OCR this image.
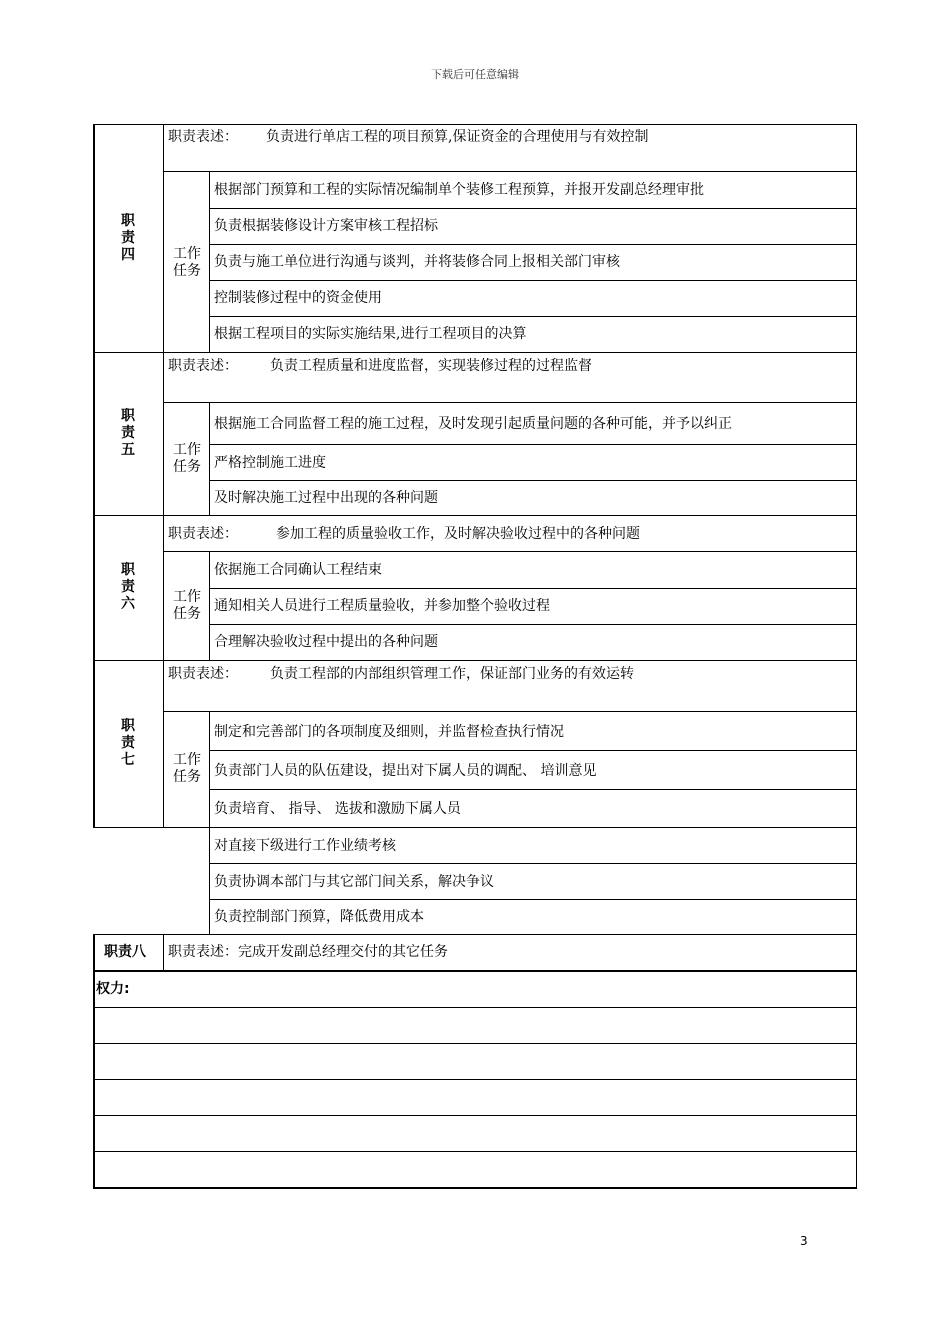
下载后可任意编辑
职
责
四
职责表述： 负责进行单店工程的项目预算,保证资金的合理使用与有效控制
工作
任务
根据部门预算和工程的实际情况编制单个装修工程预算，并报开发副总经理审批
负责根据装修设计方案审核工程招标
负责与施工单位进行沟通与谈判，并将装修合同上报相关部门审核
控制装修过程中的资金使用
根据工程项目的实际实施结果,进行工程项目的决算
职
责
五
职责表述： 负责工程质量和进度监督，实现装修过程的过程监督
工作
任务
根据施工合同监督工程的施工过程，及时发现引起质量问题的各种可能，并予以纠正
严格控制施工进度
及时解决施工过程中出现的各种问题
职
责
六
职责表述：	参加工程的质量验收工作，及时解决验收过程中的各种问题
工作
任务
依据施工合同确认工程结束
通知相关人员进行工程质量验收，并参加整个验收过程
合理解决验收过程中提出的各种问题
职
责
七
职责表述： 负责工程部的内部组织管理工作，保证部门业务的有效运转
工作
任务
制定和完善部门的各项制度及细则，并监督检查执行情况
负责部门人员的队伍建设，提出对下属人员的调配、 培训意见
负责培育、 指导、 选拔和激励下属人员
对直接下级进行工作业绩考核
负责协调本部门与其它部门间关系，解决争议
负责控制部门预算，降低费用成本
职责八 职责表述：完成开发副总经理交付的其它任务
权力:
3
